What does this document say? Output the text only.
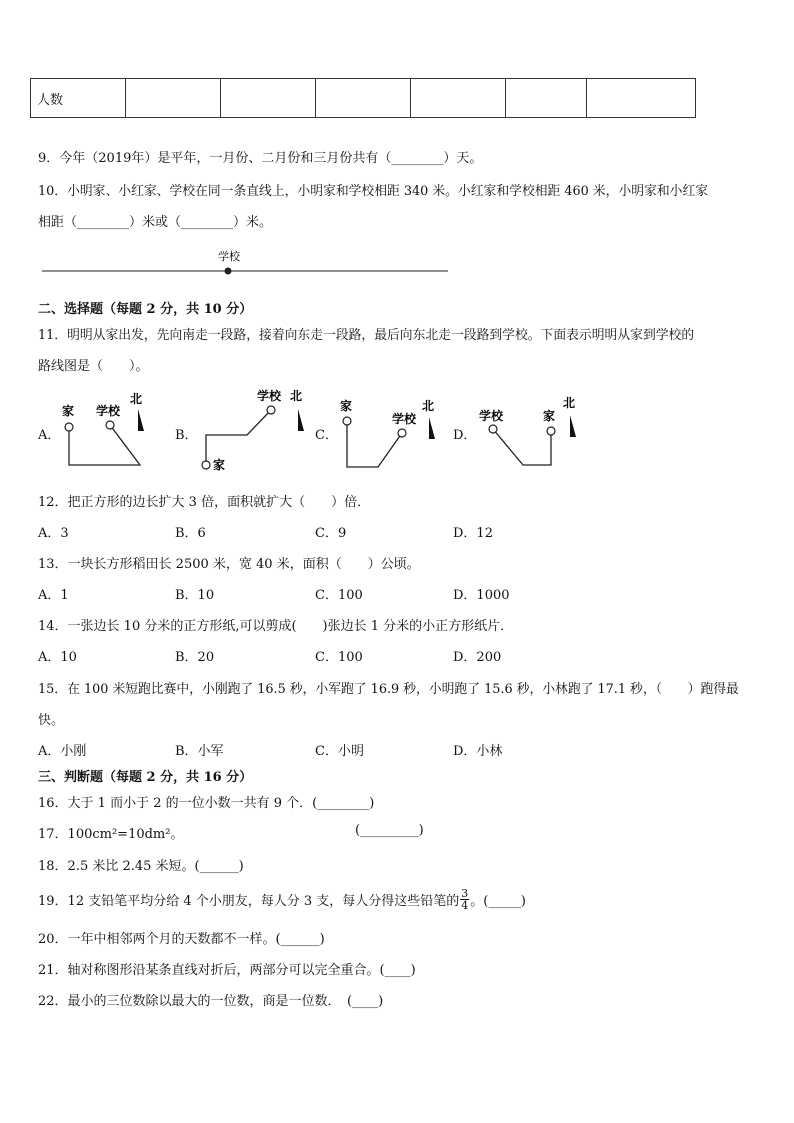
人数						
9．今年（2019年）是平年，一月份、二月份和三月份共有（________）天。
10．小明家、小红家、学校在同一条直线上，小明家和学校相距 340 米。小红家和学校相距 460 米，小明家和小红家
相距（________）米或（________）米。
学校
二、选择题（每题 2 分，共 10 分）
11．明明从家出发，先向南走一段路，接着向东走一段路，最后向东北走一段路到学校。下面表示明明从家到学校的
路线图是（　　）。
A．
家 学校
北
B．
学校 北
家
C．
家
学校
北
D．
学校	家
北
12．把正方形的边长扩大 3 倍，面积就扩大（　　）倍．
A．3	B．6	C．9	D．12
13．一块长方形稻田长 2500 米，宽 40 米，面积（　　）公顷。
A．1	B．10	C．100	D．1000
14．一张边长 10 分米的正方形纸,可以剪成(　　)张边长 1 分米的小正方形纸片．
A．10	B．20	C．100	D．200
15．在 100 米短跑比赛中，小刚跑了 16.5 秒，小军跑了 16.9 秒，小明跑了 15.6 秒，小林跑了 17.1 秒，（　　）跑得最
快。
A．小刚	B．小军	C．小明	D．小林
三、判断题（每题 2 分，共 16 分）
16．大于 1 而小于 2 的一位小数一共有 9 个．(________)
17．100cm²=10dm²。	(_________)
18．2.5 米比 2.45 米短。(______)
19．12 支铅笔平均分给 4 个小朋友，每人分 3 支，每人分得这些铅笔的 $\frac{3}{4}$ 。(_____)
20．一年中相邻两个月的天数都不一样。(______)
21．轴对称图形沿某条直线对折后，两部分可以完全重合。(____)
22．最小的三位数除以最大的一位数，商是一位数．　(____)
